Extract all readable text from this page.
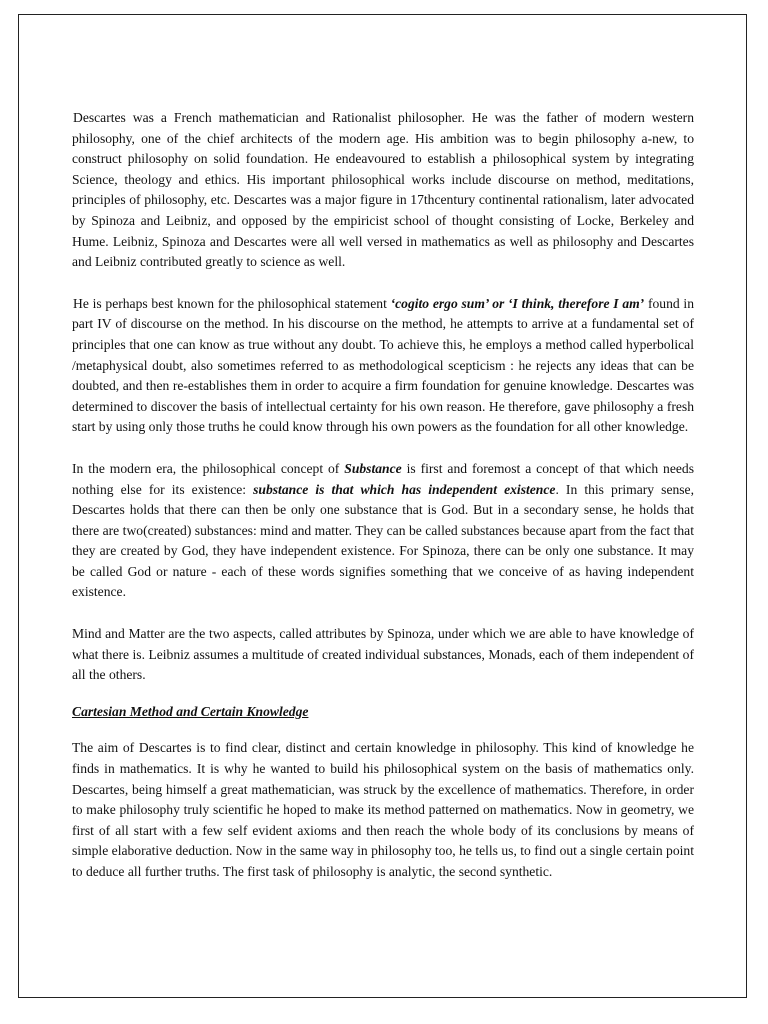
Descartes was a French mathematician and Rationalist philosopher. He was the father of modern western philosophy, one of the chief architects of the modern age. His ambition was to begin philosophy a-new, to construct philosophy on solid foundation. He endeavoured to establish a philosophical system by integrating Science, theology and ethics. His important philosophical works include discourse on method, meditations, principles of philosophy, etc. Descartes was a major figure in 17thcentury continental rationalism, later advocated by Spinoza and Leibniz, and opposed by the empiricist school of thought consisting of Locke, Berkeley and Hume. Leibniz, Spinoza and Descartes were all well versed in mathematics as well as philosophy and Descartes and Leibniz contributed greatly to science as well.

He is perhaps best known for the philosophical statement ‘cogito ergo sum’ or ‘I think, therefore I am’ found in part IV of discourse on the method. In his discourse on the method, he attempts to arrive at a fundamental set of principles that one can know as true without any doubt. To achieve this, he employs a method called hyperbolical /metaphysical doubt, also sometimes referred to as methodological scepticism : he rejects any ideas that can be doubted, and then re-establishes them in order to acquire a firm foundation for genuine knowledge. Descartes was determined to discover the basis of intellectual certainty for his own reason. He therefore, gave philosophy a fresh start by using only those truths he could know through his own powers as the foundation for all other knowledge.

In the modern era, the philosophical concept of Substance is first and foremost a concept of that which needs nothing else for its existence: substance is that which has independent existence. In this primary sense, Descartes holds that there can then be only one substance that is God. But in a secondary sense, he holds that there are two(created) substances: mind and matter. They can be called substances because apart from the fact that they are created by God, they have independent existence. For Spinoza, there can be only one substance. It may be called God or nature - each of these words signifies something that we conceive of as having independent existence.

Mind and Matter are the two aspects, called attributes by Spinoza, under which we are able to have knowledge of what there is. Leibniz assumes a multitude of created individual substances, Monads, each of them independent of all the others.

Cartesian Method and Certain Knowledge

The aim of Descartes is to find clear, distinct and certain knowledge in philosophy. This kind of knowledge he finds in mathematics. It is why he wanted to build his philosophical system on the basis of mathematics only. Descartes, being himself a great mathematician, was struck by the excellence of mathematics. Therefore, in order to make philosophy truly scientific he hoped to make its method patterned on mathematics. Now in geometry, we first of all start with a few self evident axioms and then reach the whole body of its conclusions by means of simple elaborative deduction. Now in the same way in philosophy too, he tells us, to find out a single certain point to deduce all further truths. The first task of philosophy is analytic, the second synthetic.
